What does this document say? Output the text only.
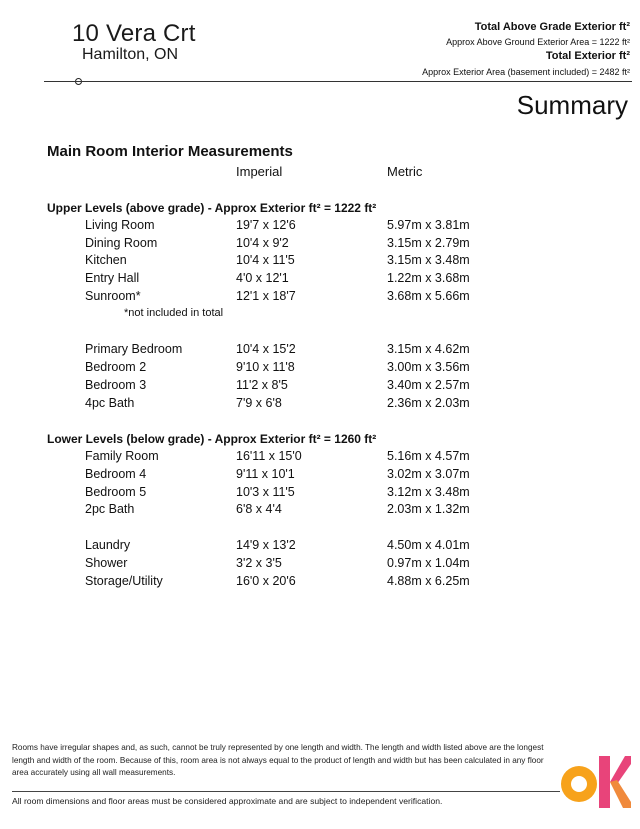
10 Vera Crt
Hamilton, ON
Total Above Grade Exterior ft²
Approx Above Ground Exterior Area = 1222 ft²
Total Exterior ft²
Approx Exterior Area (basement included) = 2482 ft²
Summary
Main Room Interior Measurements
Imperial	Metric
Upper Levels (above grade) - Approx Exterior ft² = 1222 ft²
Living Room	19'7 x 12'6	5.97m x 3.81m
Dining Room	10'4 x 9'2	3.15m x 2.79m
Kitchen	10'4 x 11'5	3.15m x 3.48m
Entry Hall	4'0 x 12'1	1.22m x 3.68m
Sunroom*	12'1 x 18'7	3.68m x 5.66m
*not included in total
Primary Bedroom	10'4 x 15'2	3.15m x 4.62m
Bedroom 2	9'10 x 11'8	3.00m x 3.56m
Bedroom 3	11'2 x 8'5	3.40m x 2.57m
4pc Bath	7'9 x 6'8	2.36m x 2.03m
Lower Levels (below grade) - Approx Exterior ft² = 1260 ft²
Family Room	16'11 x 15'0	5.16m x 4.57m
Bedroom 4	9'11 x 10'1	3.02m x 3.07m
Bedroom 5	10'3 x 11'5	3.12m x 3.48m
2pc Bath	6'8 x 4'4	2.03m x 1.32m
Laundry	14'9 x 13'2	4.50m x 4.01m
Shower	3'2 x 3'5	0.97m x 1.04m
Storage/Utility	16'0 x 20'6	4.88m x 6.25m
Rooms have irregular shapes and, as such, cannot be truly represented by one length and width. The length and width listed above are the longest length and width of the room. Because of this, room area is not always equal to the product of length and width but has been calculated in any floor area accurately using all wall measurements.
All room dimensions and floor areas must be considered approximate and are subject to independent verification.
